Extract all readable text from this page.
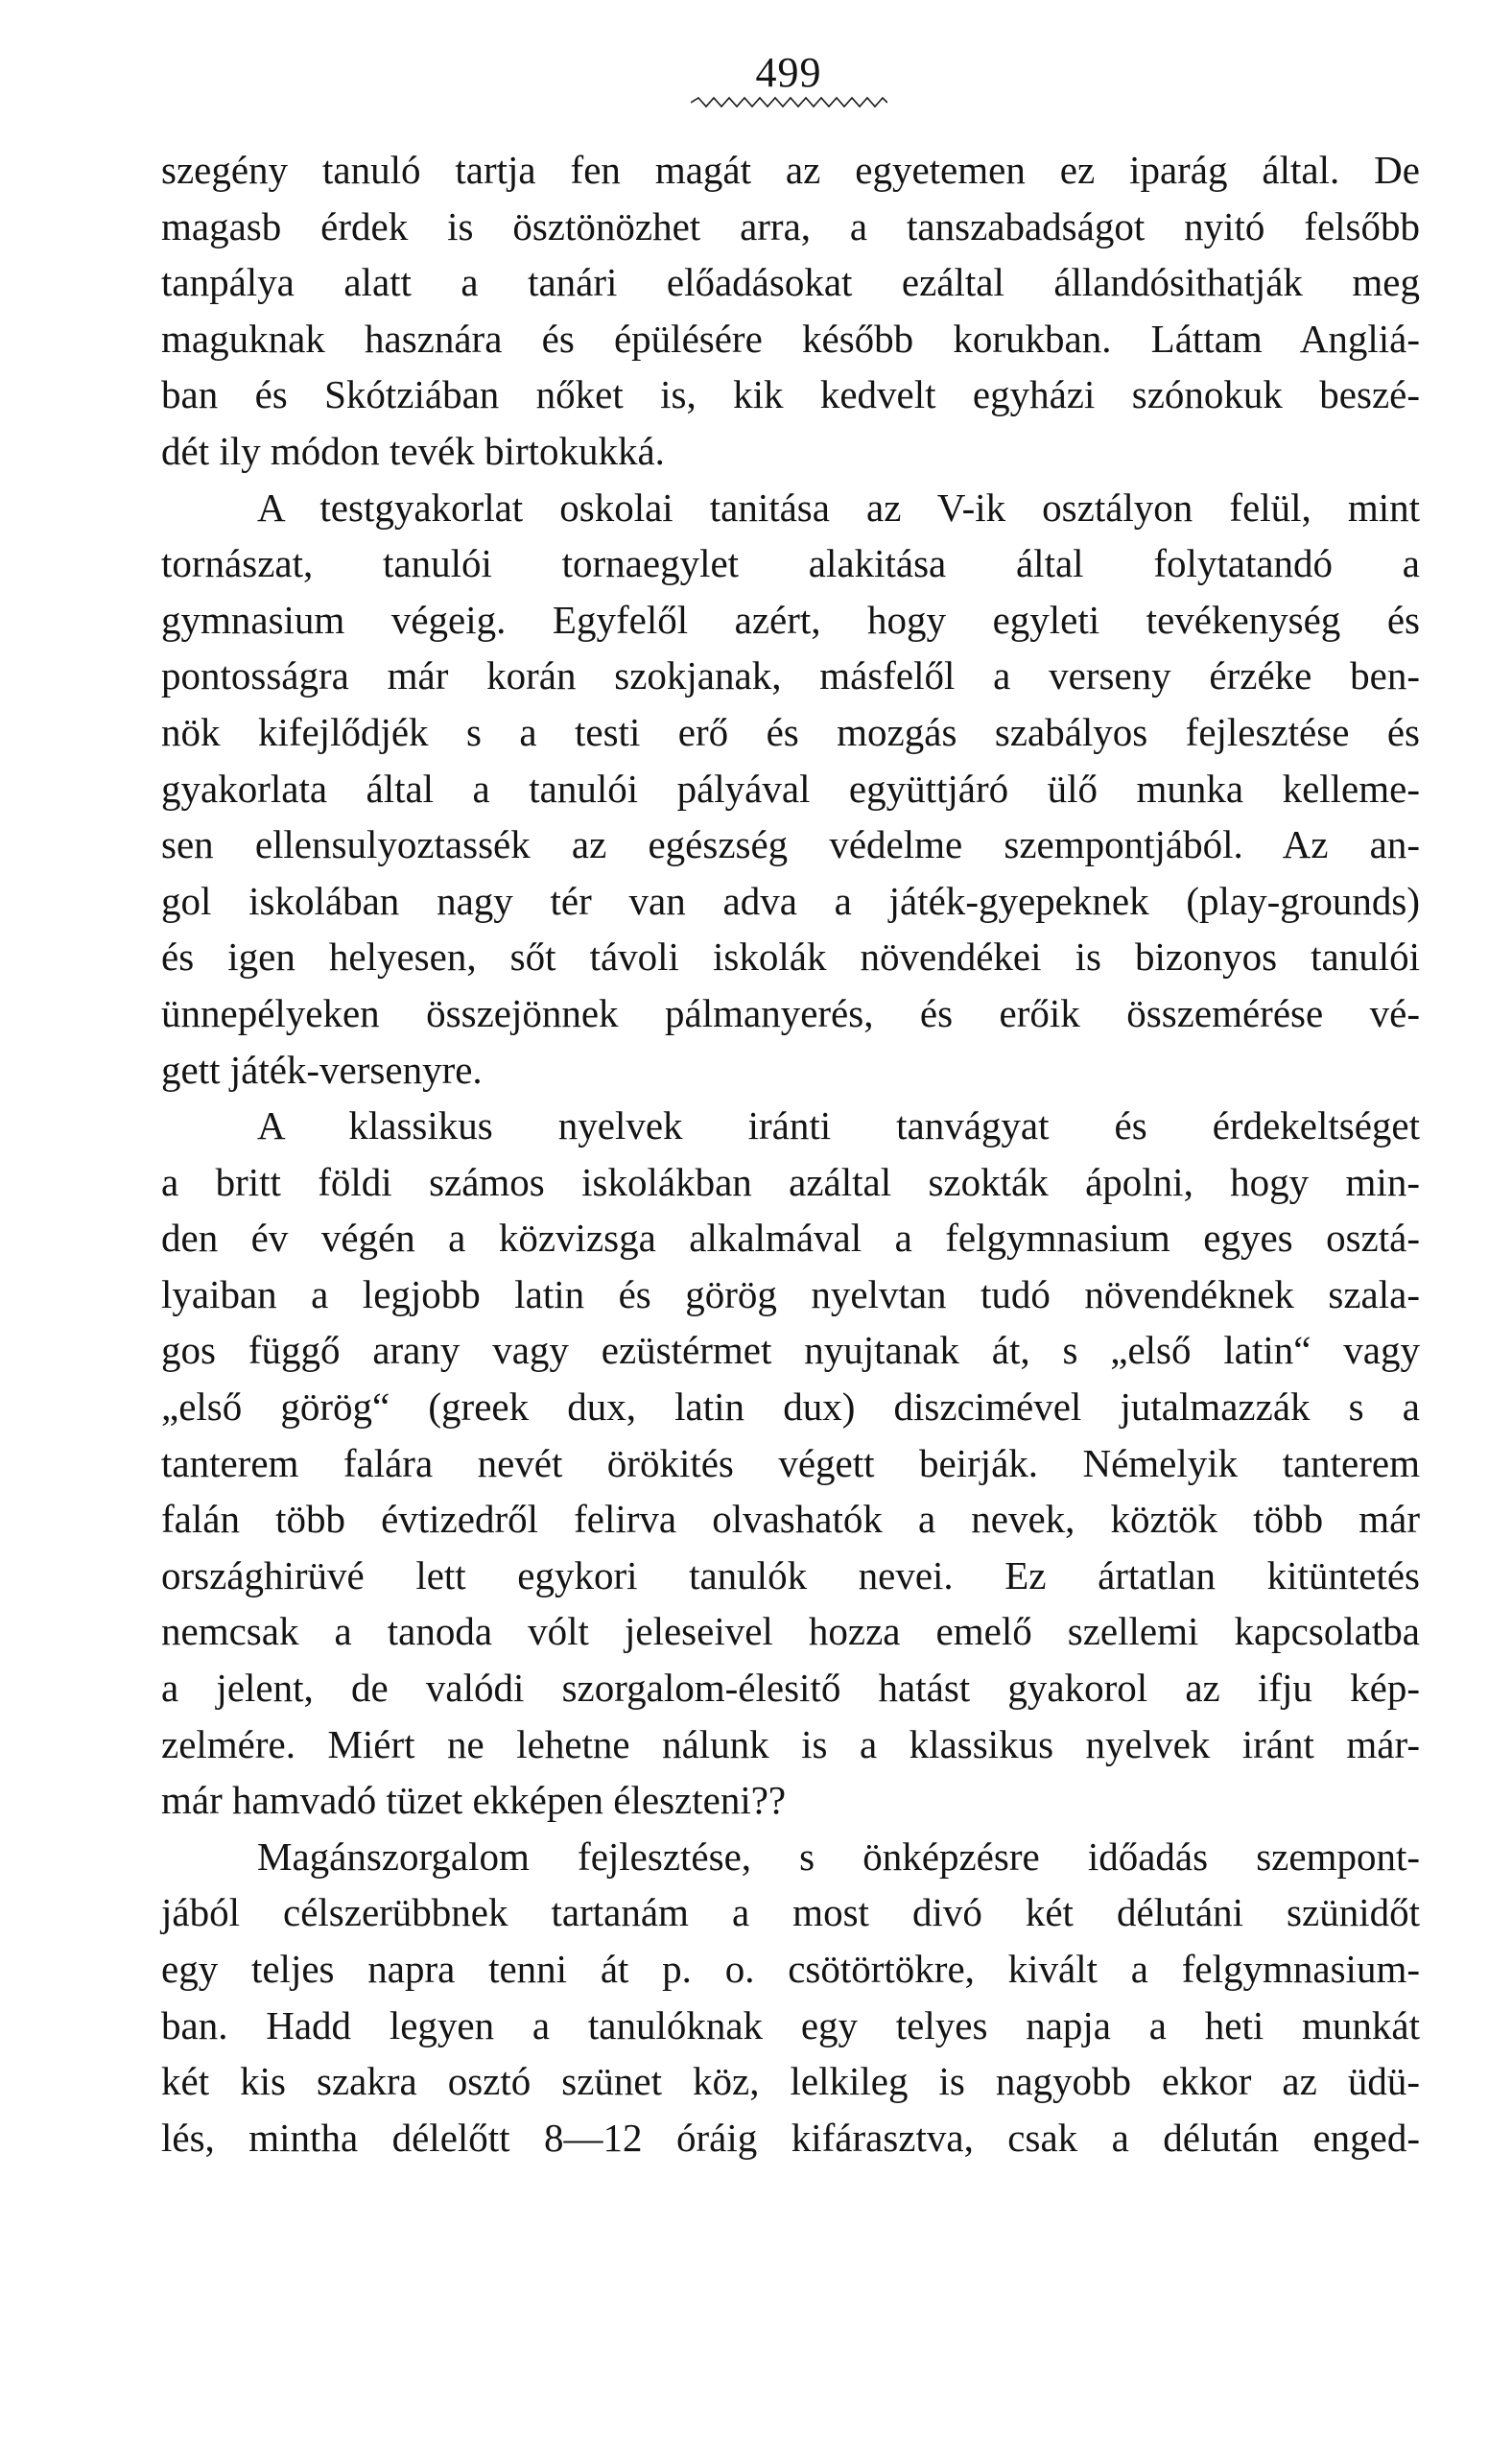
499
szegény tanuló tartja fen magát az egyetemen ez iparág által. De
magasb érdek is ösztönözhet arra, a tanszabadságot nyitó felsőbb
tanpálya alatt a tanári előadásokat ezáltal állandósithatják meg
maguknak hasznára és épülésére később korukban. Láttam Angliá-
ban és Skótziában nőket is, kik kedvelt egyházi szónokuk beszé-
dét ily módon tevék birtokukká.
A testgyakorlat oskolai tanitása az V-ik osztályon felül, mint
tornászat, tanulói tornaegylet alakitása által folytatandó a
gymnasium végeig. Egyfelől azért, hogy egyleti tevékenység és
pontosságra már korán szokjanak, másfelől a verseny érzéke ben-
nök kifejlődjék s a testi erő és mozgás szabályos fejlesztése és
gyakorlata által a tanulói pályával együttjáró ülő munka kelleme-
sen ellensulyoztassék az egészség védelme szempontjából. Az an-
gol iskolában nagy tér van adva a játék-gyepeknek (play-grounds)
és igen helyesen, sőt távoli iskolák növendékei is bizonyos tanulói
ünnepélyeken összejönnek pálmanyerés, és erőik összemérése vé-
gett játék-versenyre.
A klassikus nyelvek iránti tanvágyat és érdekeltséget
a britt földi számos iskolákban azáltal szokták ápolni, hogy min-
den év végén a közvizsga alkalmával a felgymnasium egyes osztá-
lyaiban a legjobb latin és görög nyelvtan tudó növendéknek szala-
gos függő arany vagy ezüstérmet nyujtanak át, s „első latin“ vagy
„első görög“ (greek dux, latin dux) diszcimével jutalmazzák s a
tanterem falára nevét örökités végett beirják. Némelyik tanterem
falán több évtizedről felirva olvashatók a nevek, köztök több már
országhirüvé lett egykori tanulók nevei. Ez ártatlan kitüntetés
nemcsak a tanoda vólt jeleseivel hozza emelő szellemi kapcsolatba
a jelent, de valódi szorgalom-élesitő hatást gyakorol az ifju kép-
zelmére. Miért ne lehetne nálunk is a klassikus nyelvek iránt már-
már hamvadó tüzet ekképen éleszteni??
Magánszorgalom fejlesztése, s önképzésre időadás szempont-
jából célszerübbnek tartanám a most divó két délutáni szünidőt
egy teljes napra tenni át p. o. csötörtökre, kivált a felgymnasium-
ban. Hadd legyen a tanulóknak egy telyes napja a heti munkát
két kis szakra osztó szünet köz, lelkileg is nagyobb ekkor az üdü-
lés, mintha délelőtt 8—12 óráig kifárasztva, csak a délután enged-
